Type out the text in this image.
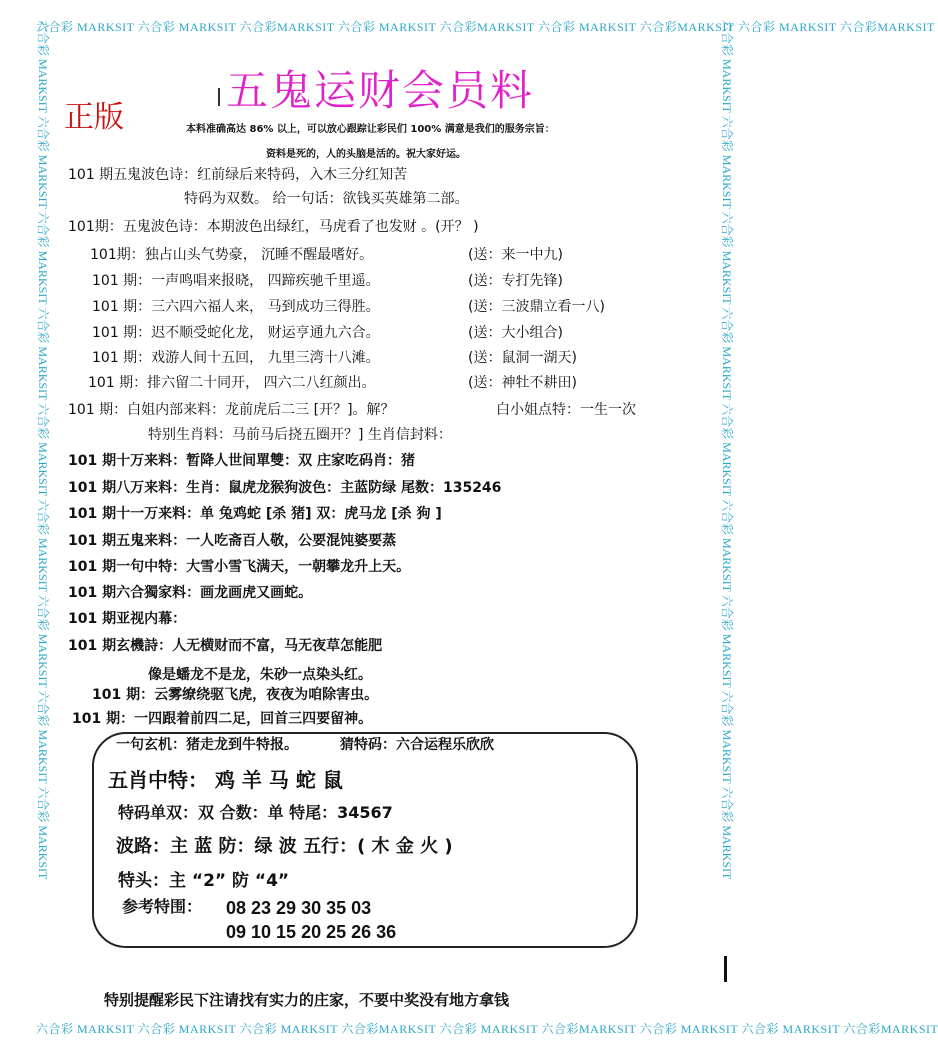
六合彩 MARKSIT 六合彩 MARKSIT 六合彩MARKSIT 六合彩 MARKSIT 六合彩MARKSIT 六合彩 MARKSIT 六合彩MARKSIT 六合彩 MARKSIT 六合彩MARKSIT
六合彩 MARKSIT 六合彩 MARKSIT 六合彩 MARKSIT 六合彩MARKSIT 六合彩 MARKSIT 六合彩MARKSIT 六合彩 MARKSIT 六合彩 MARKSIT 六合彩MARKSIT
六合彩 MARKSIT 六合彩 MARKSIT 六合彩 MARKSIT 六合彩 MARKSIT 六合彩 MARKSIT 六合彩 MARKSIT 六合彩 MARKSIT 六合彩 MARKSIT 六合彩 MARKSIT	六合彩 MARKSIT 六合彩 MARKSIT 六合彩 MARKSIT 六合彩 MARKSIT 六合彩 MARKSIT 六合彩 MARKSIT 六合彩 MARKSIT 六合彩 MARKSIT 六合彩 MARKSIT
五鬼运财会员料
正版	本料准确高达 86% 以上，可以放心跟踪让彩民们 100% 满意是我们的服务宗旨：
资料是死的，人的头脑是活的。祝大家好运。
101 期五鬼波色诗：红前绿后来特码，入木三分红知苦
特码为双数。 给一句话：欲钱买英雄第二部。
101期：五鬼波色诗：本期波色出绿红，马虎看了也发财 。(开？ )
101期：独占山头气势豪， 沉睡不醒最嗜好。	(送：来一中九)
101 期：一声鸣唱来报晓， 四蹄疾驰千里遥。	(送：专打先锋)
101 期：三六四六福人来， 马到成功三得胜。	(送：三波鼎立看一八)
101 期：迟不顺受蛇化龙， 财运亨通九六合。	(送：大小组合)
101 期：戏游人间十五回， 九里三湾十八滩。	(送：鼠洞一湖天)
101 期：排六留二十同开， 四六二八红颜出。	(送：神牡不耕田)
101 期：白姐内部来料：龙前虎后二三 [开？]。解？	白小姐点特：一生一次
特别生肖料：马前马后挠五圈开？] 生肖信封料：
101 期十万来料：暂降人世间單雙：双 庄家吃码肖：猪
101 期八万来料：生肖：鼠虎龙猴狗波色：主蓝防绿 尾数：135246
101 期十一万来料：单 兔鸡蛇 [杀 猪] 双：虎马龙 [杀 狗 ]
101 期五鬼来料：一人吃斋百人敬，公要混饨婆要蒸
101 期一句中特：大雪小雪飞满天，一朝攀龙升上天。
101 期六合獨家料：画龙画虎又画蛇。
101 期亚视内幕：
101 期玄機詩：人无横财而不富，马无夜草怎能肥
像是蟠龙不是龙，朱砂一点染头红。
101 期：云雾缭绕驱飞虎，夜夜为咱除害虫。
101 期：一四跟着前四二足，回首三四要留神。
一句玄机：猪走龙到牛特报。	猜特码：六合运程乐欣欣
五肖中特： 鸡 羊 马 蛇 鼠
特码单双：双 合数：单 特尾：34567
波路：主 蓝 防：绿 波 五行：( 木 金 火 )
特头：主 “2” 防 “4”
参考特围： 08 23 29 30 35 03
09 10 15 20 25 26 36
特别提醒彩民下注请找有实力的庄家，不要中奖没有地方拿钱
